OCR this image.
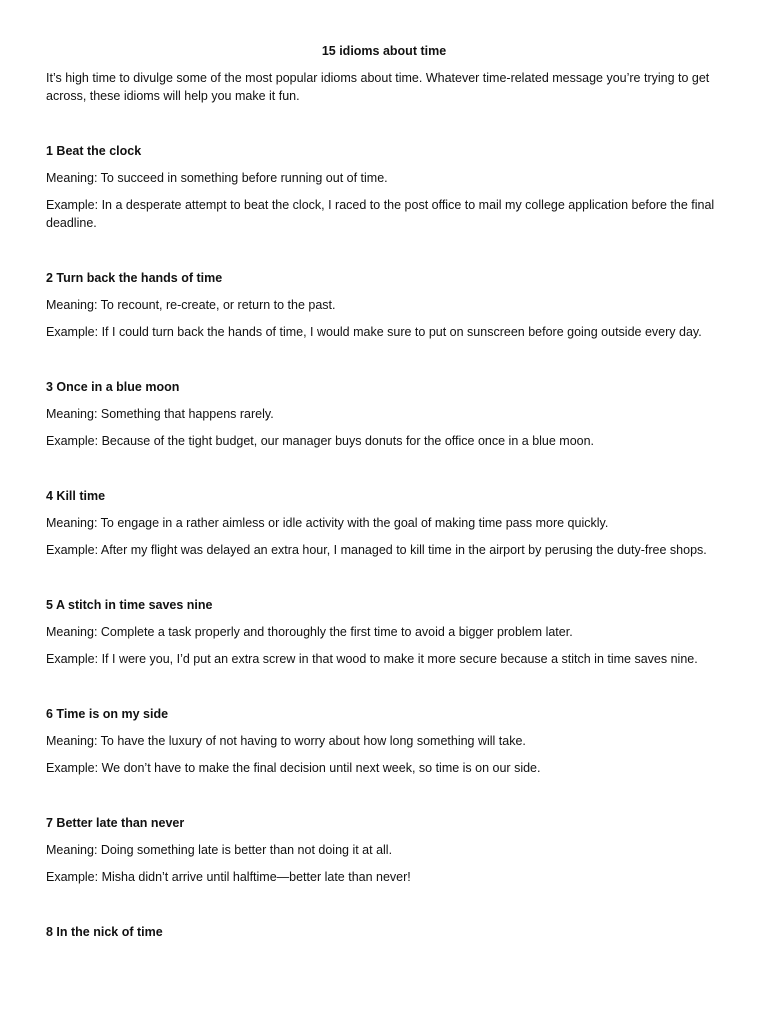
15 idioms about time

It’s high time to divulge some of the most popular idioms about time. Whatever time-related message you’re trying to get across, these idioms will help you make it fun.

1 Beat the clock

Meaning: To succeed in something before running out of time.

Example: In a desperate attempt to beat the clock, I raced to the post office to mail my college application before the final deadline.

2 Turn back the hands of time

Meaning: To recount, re-create, or return to the past.

Example: If I could turn back the hands of time, I would make sure to put on sunscreen before going outside every day.

3 Once in a blue moon

Meaning: Something that happens rarely.

Example: Because of the tight budget, our manager buys donuts for the office once in a blue moon.

4 Kill time

Meaning: To engage in a rather aimless or idle activity with the goal of making time pass more quickly.

Example: After my flight was delayed an extra hour, I managed to kill time in the airport by perusing the duty-free shops.

5 A stitch in time saves nine

Meaning: Complete a task properly and thoroughly the first time to avoid a bigger problem later.

Example: If I were you, I’d put an extra screw in that wood to make it more secure because a stitch in time saves nine.

6 Time is on my side

Meaning: To have the luxury of not having to worry about how long something will take.

Example: We don’t have to make the final decision until next week, so time is on our side.

7 Better late than never

Meaning: Doing something late is better than not doing it at all.

Example: Misha didn’t arrive until halftime—better late than never!

8 In the nick of time
